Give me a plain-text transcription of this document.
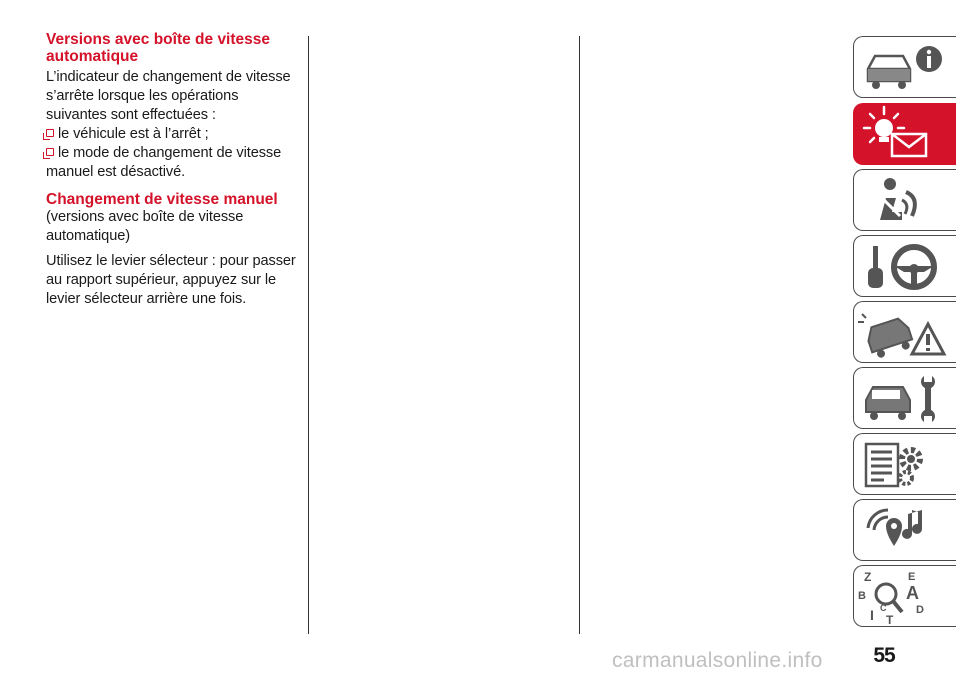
Versions avec boîte de vitesse automatique

L’indicateur de changement de vitesse s’arrête lorsque les opérations suivantes sont effectuées :

le véhicule est à l’arrêt ;
le mode de changement de vitesse manuel est désactivé.

Changement de vitesse manuel

(versions avec boîte de vitesse automatique)

Utilisez le levier sélecteur : pour passer au rapport supérieur, appuyez sur le levier sélecteur arrière une fois.

Z	E
B A
D
C
I T
carmanualsonline.info	55
